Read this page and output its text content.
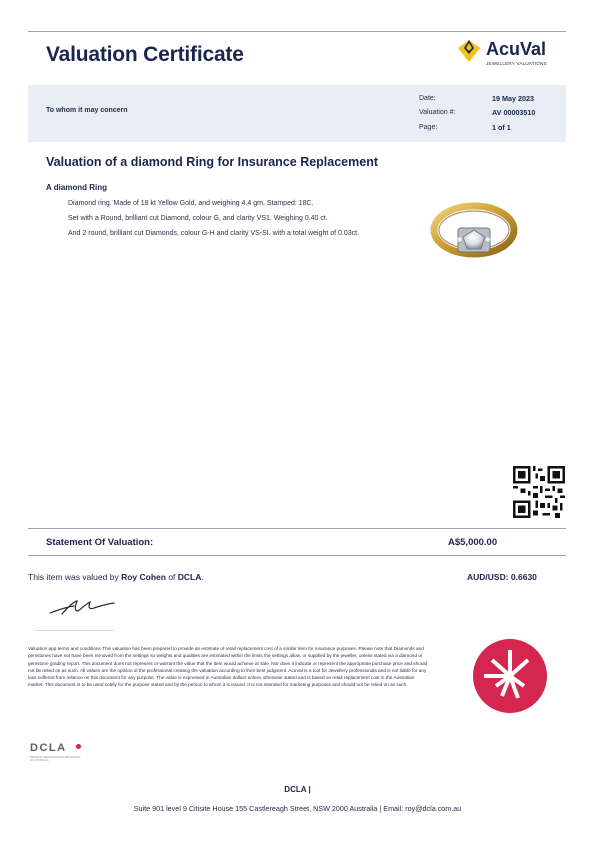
Valuation Certificate	AcuVal
JEWELLERY VALUATIONS
To whom it may concern
Date:	19 May 2023
Valuation #:	AV 00003510
Page:	1 of 1
Valuation of a diamond Ring for Insurance Replacement
A diamond Ring

Diamond ring. Made of 18 kt Yellow Gold, and weighing 4.4 gm. Stamped: 18C.

Set with a Round, brilliant cut Diamond, colour G, and clarity VS1. Weighing 0.40 ct.

And 2 round, brilliant cut Diamonds, colour G-H and clarity VS-SI. with a total weight of 0.03ct.

Statement Of Valuation:	A$5,000.00
This item was valued by Roy Cohen of DCLA.	AUD/USD: 0.6630
Valuation app terms and conditions This valuation has been prepared to provide an estimate of retail replacement cost of a similar item for insurance purposes. Please note that Diamonds and gemstones have not have been removed from the settings so weights and qualities are estimated within the limits the settings allow, or supplied by the jeweller, unless stated via a diamond or gemstone grading report. This document does not represent or warrant the value that the item would achieve at sale. Nor does it indicate or represent the appropriate purchase price and should not be relied on as such. All values are the opinion of the professional creating the valuation according to their best judgment. AcuVal is a tool for Jewellery professionals and is not liable for any loss suffered from reliance on this document for any purpose. The value is expressed in Australian dollars unless otherwise stated and is based on retail replacement cost in the Australian market. This document is to be used solely for the purpose stated and by the person to whom it is issued. It is not intended for marketing purposes and should not be relied on as such.
DCLA
DIAMOND CERTIFICATION LABORATORY OF AUSTRALIA
DCLA |
Suite 901 level 9 Citisite House 155 Castlereagh Street, NSW 2000 Australia | Email: roy@dcla.com.au
